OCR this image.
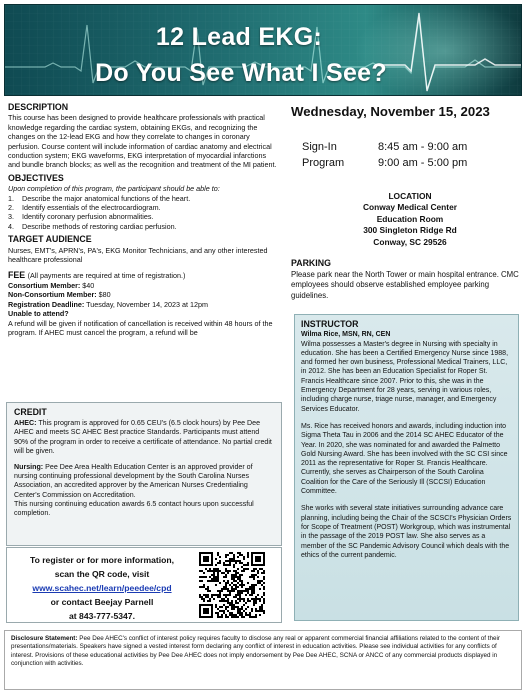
12 Lead EKG:
Do You See What I See?
DESCRIPTION
This course has been designed to provide healthcare professionals with practical knowledge regarding the cardiac system, obtaining EKGs, and recognizing the changes on the 12-lead EKG and how they correlate to changes in coronary perfusion. Course content will include information of cardiac anatomy and electrical conduction system; EKG waveforms, EKG interpretation of myocardial infarctions and bundle branch blocks; as well as the recognition and treatment of the MI patient.
OBJECTIVES
Upon completion of this program, the participant should be able to:
1.	Describe the major anatomical functions of the heart.
2.	Identify essentials of the electrocardiogram.
3.	Identify coronary perfusion abnormalities.
4.	Describe methods of restoring cardiac perfusion.
TARGET AUDIENCE
Nurses, EMT's, APRN's, PA's, EKG Monitor Technicians, and any other interested healthcare professional
FEE (All payments are required at time of registration.)
Consortium Member: $40
Non-Consortium Member: $80
Registration Deadline: Tuesday, November 14, 2023 at 12pm
Unable to attend?
A refund will be given if notification of cancellation is received within 48 hours of the program. If AHEC must cancel the program, a refund will be
CREDIT

AHEC: This program is approved for 0.65 CEU's (6.5 clock hours) by Pee Dee AHEC and meets SC AHEC Best practice Standards. Participants must attend 90% of the program in order to receive a certificate of attendance. No partial credit will be given.

Nursing: Pee Dee Area Health Education Center is an approved provider of nursing continuing professional development by the South Carolina Nurses Association, an accredited approver by the American Nurses Credentialing Center's Commission on Accreditation.
This nursing continuing education awards 6.5 contact hours upon successful completion.

To register or for more information,
scan the QR code, visit
www.scahec.net/learn/peedee/cpd
or contact Beejay Parnell
at 843-777-5347.
Wednesday, November 15, 2023
Sign-In	8:45 am - 9:00 am
Program	9:00 am - 5:00 pm
LOCATION
Conway Medical Center
Education Room
300 Singleton Ridge Rd
Conway, SC 29526
PARKING
Please park near the North Tower or main hospital entrance. CMC employees should observe established employee parking guidelines.
INSTRUCTOR
Wilma Rice, MSN, RN, CEN

Wilma possesses a Master's degree in Nursing with specialty in education. She has been a Certified Emergency Nurse since 1988, and formed her own business, Professional Medical Trainers, LLC, in 2012. She has been an Education Specialist for Roper St. Francis Healthcare since 2007. Prior to this, she was in the Emergency Department for 28 years, serving in various roles, including charge nurse, triage nurse, manager, and Emergency Services Educator.

Ms. Rice has received honors and awards, including induction into Sigma Theta Tau in 2006 and the 2014 SC AHEC Educator of the Year. In 2020, she was nominated for and awarded the Palmetto Gold Nursing Award. She has been involved with the SC CSI since 2011 as the representative for Roper St. Francis Healthcare. Currently, she serves as Chairperson of the South Carolina Coalition for the Care of the Seriously Ill (SCCSI) Education Committee.

She works with several state initiatives surrounding advance care planning, including being the Chair of the SCSCI's Physician Orders for Scope of Treatment (POST) Workgroup, which was instrumental in the passage of the 2019 POST law. She also serves as a member of the SC Pandemic Advisory Council which deals with the ethics of the current pandemic.

Disclosure Statement: Pee Dee AHEC's conflict of interest policy requires faculty to disclose any real or apparent commercial financial affiliations related to the content of their presentations/materials. Speakers have signed a vested interest form declaring any conflict of interest in education activities. Please see individual activities for any conflicts of interest. Provisions of these educational activities by Pee Dee AHEC does not imply endorsement by Pee Dee AHEC, SCNA or ANCC of any commercial products displayed in conjunction with activities.
